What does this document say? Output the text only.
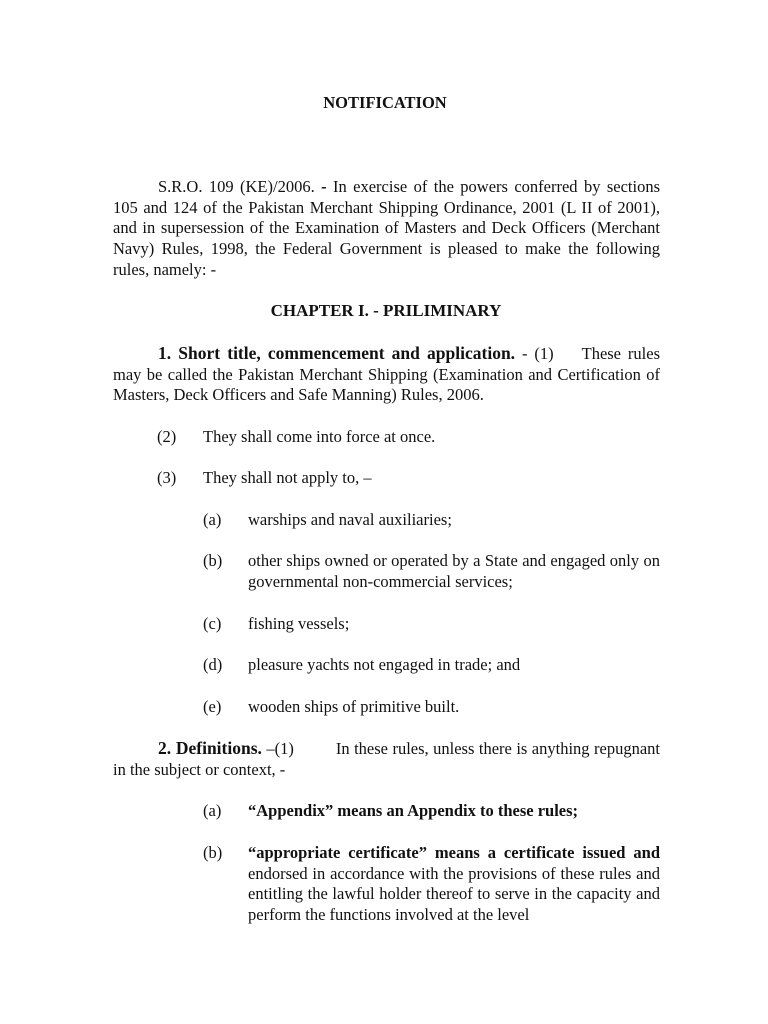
NOTIFICATION
S.R.O. 109 (KE)/2006. - In exercise of the powers conferred by sections 105 and 124 of the Pakistan Merchant Shipping Ordinance, 2001 (L II of 2001), and in supersession of the Examination of Masters and Deck Officers (Merchant Navy) Rules, 1998, the Federal Government is pleased to make the following rules, namely: -
CHAPTER I. - PRILIMINARY
1. Short title, commencement and application. - (1) These rules may be called the Pakistan Merchant Shipping (Examination and Certification of Masters, Deck Officers and Safe Manning) Rules, 2006.
(2) They shall come into force at once.
(3) They shall not apply to, –
(a) warships and naval auxiliaries;
(b) other ships owned or operated by a State and engaged only on governmental non-commercial services;
(c) fishing vessels;
(d) pleasure yachts not engaged in trade; and
(e) wooden ships of primitive built.
2. Definitions. –(1)	In these rules, unless there is anything repugnant in the subject or context, -
(a) “Appendix” means an Appendix to these rules;
(b) “appropriate certificate” means a certificate issued and endorsed in accordance with the provisions of these rules and entitling the lawful holder thereof to serve in the capacity and perform the functions involved at the level
